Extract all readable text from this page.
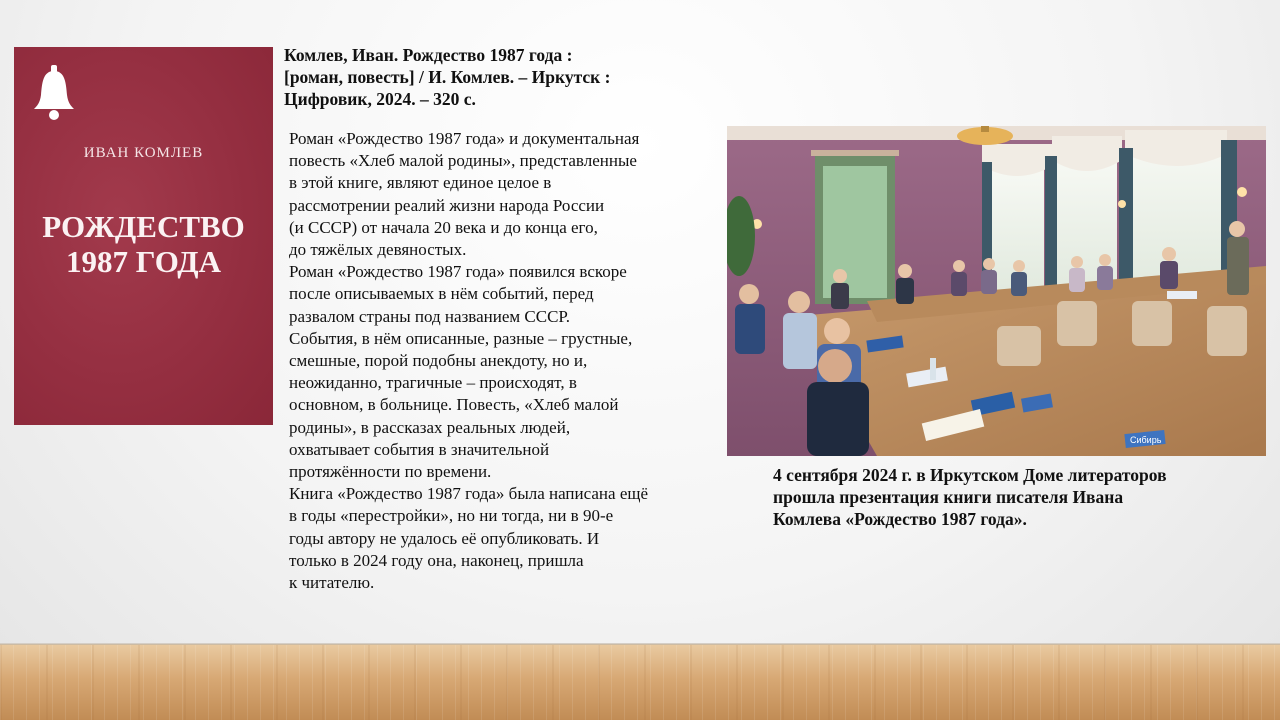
ИВАН КОМЛЕВ
РОЖДЕСТВО
1987 ГОДА
Комлев, Иван. Рождество 1987 года :
[роман, повесть] / И. Комлев. – Иркутск :
Цифровик, 2024. – 320 с.
Роман «Рождество 1987 года» и документальная
повесть «Хлеб малой родины», представленные
в этой книге, являют единое целое в
рассмотрении реалий жизни народа России
(и СССР) от начала 20 века и до конца его,
до тяжёлых девяностых.
Роман «Рождество 1987 года» появился вскоре
после описываемых в нём событий, перед
развалом страны под названием СССР.
События, в нём описанные, разные – грустные,
смешные, порой подобны анекдоту, но и,
неожиданно, трагичные – происходят, в
основном, в больнице. Повесть, «Хлеб малой
родины», в рассказах реальных людей,
охватывает события в значительной
протяжённости по времени.
Книга «Рождество 1987 года» была написана ещё
в годы «перестройки», но ни тогда, ни в 90-е
годы автору не удалось её опубликовать. И
только в 2024 году она, наконец, пришла
к читателю.
Сибирь
4 сентября 2024 г. в Иркутском Доме литераторов
прошла презентация книги писателя Ивана
Комлева «Рождество 1987 года».
